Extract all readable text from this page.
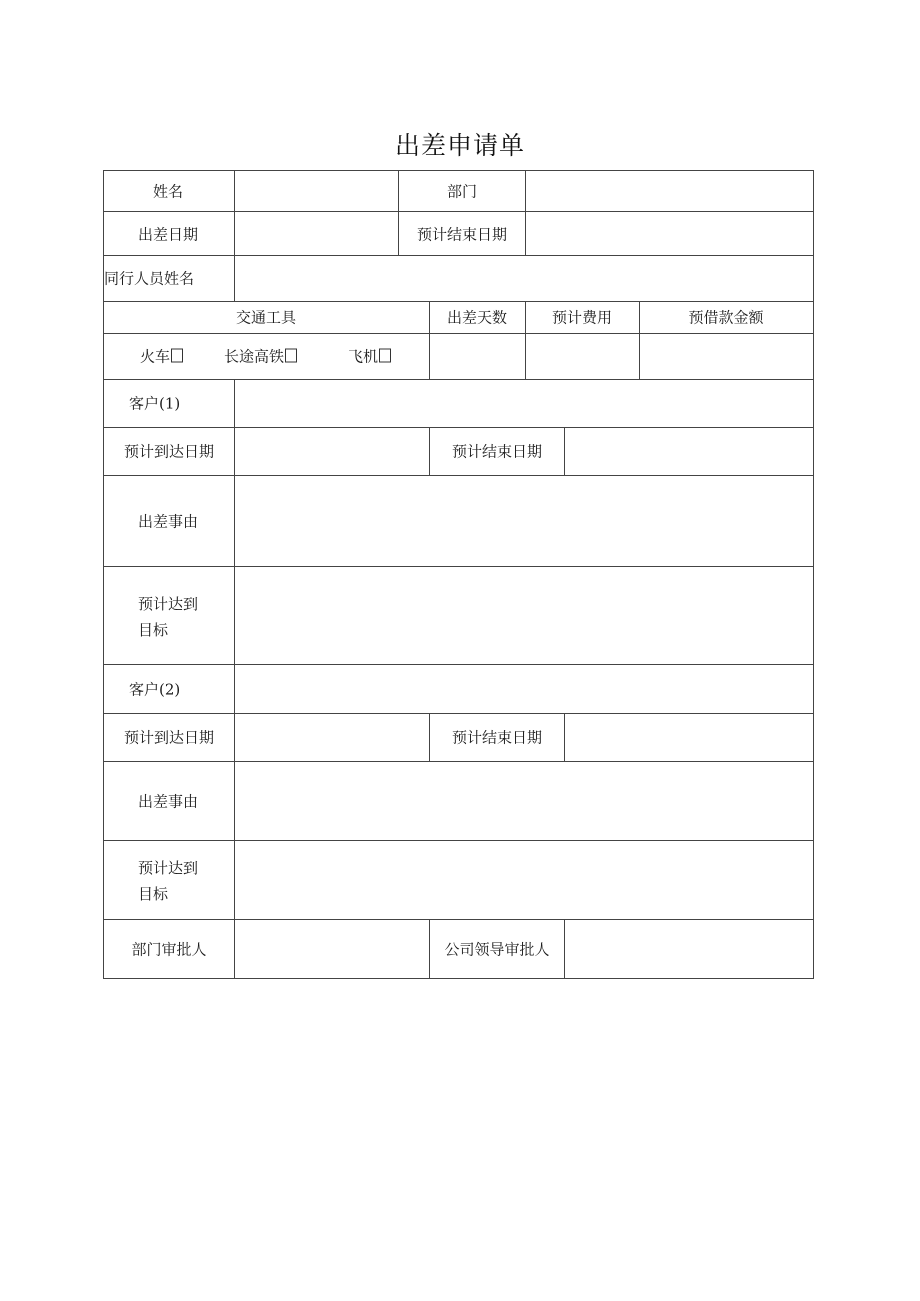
出差申请单
姓名	部门
出差日期	预计结束日期
同行人员姓名
交通工具	出差天数	预计费用	预借款金额
火车	长途高铁	飞机
客户(1)
预计到达日期	预计结束日期
出差事由
预计达到
目标
客户(2)
预计到达日期	预计结束日期
出差事由
预计达到
目标
部门审批人	公司领导审批人
